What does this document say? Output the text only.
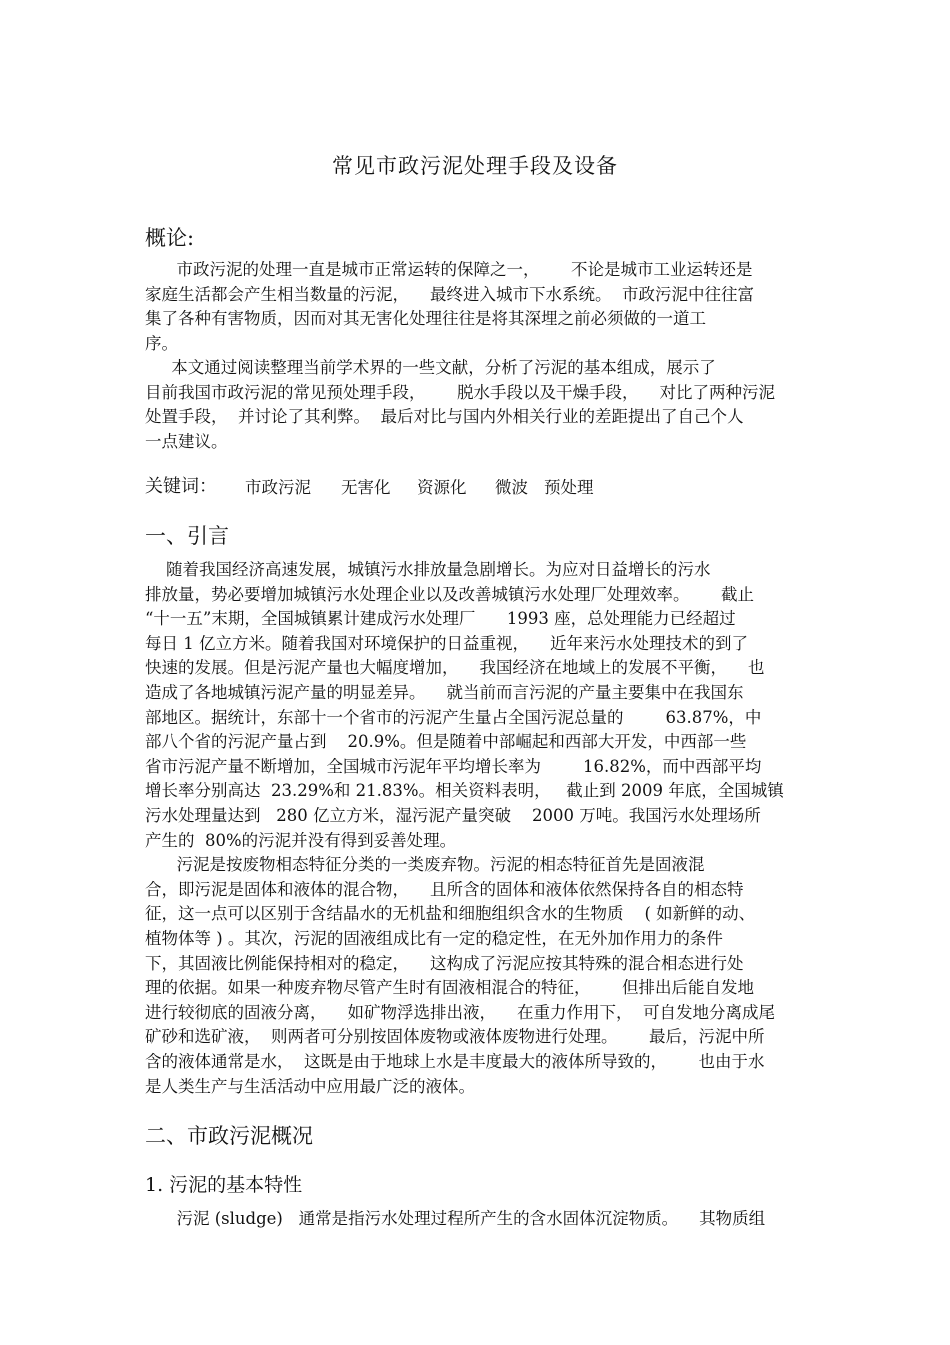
常见市政污泥处理手段及设备
概论:
市政污泥的处理一直是城市正常运转的保障之一，      不论是城市工业运转还是
家庭生活都会产生相当数量的污泥，    最终进入城市下水系统。  市政污泥中往往富
集了各种有害物质，因而对其无害化处理往往是将其深埋之前必须做的一道工
序。
本文通过阅读整理当前学术界的一些文献，分析了污泥的基本组成，展示了
目前我国市政污泥的常见预处理手段，      脱水手段以及干燥手段，    对比了两种污泥
处置手段，  并讨论了其利弊。  最后对比与国内外相关行业的差距提出了自己个人
一点建议。
关键词： 市政污泥 无害化 资源化 微波 预处理
一、引言
随着我国经济高速发展，城镇污水排放量急剧增长。为应对日益增长的污水
排放量，势必要增加城镇污水处理企业以及改善城镇污水处理厂处理效率。      截止
“十一五”末期，全国城镇累计建成污水处理厂      1993 座，总处理能力已经超过
每日 1 亿立方米。随着我国对环境保护的日益重视，    近年来污水处理技术的到了
快速的发展。但是污泥产量也大幅度增加，    我国经济在地域上的发展不平衡，    也
造成了各地城镇污泥产量的明显差异。    就当前而言污泥的产量主要集中在我国东
部地区。据统计，东部十一个省市的污泥产生量占全国污泥总量的        63.87%，中
部八个省的污泥产量占到    20.9%。但是随着中部崛起和西部大开发，中西部一些
省市污泥产量不断增加，全国城市污泥年平均增长率为        16.82%，而中西部平均
增长率分别高达  23.29%和 21.83%。相关资料表明，   截止到 2009 年底，全国城镇
污水处理量达到   280 亿立方米，湿污泥产量突破    2000 万吨。我国污水处理场所
产生的  80%的污泥并没有得到妥善处理。
污泥是按废物相态特征分类的一类废弃物。污泥的相态特征首先是固液混
合，即污泥是固体和液体的混合物，    且所含的固体和液体依然保持各自的相态特
征，这一点可以区别于含结晶水的无机盐和细胞组织含水的生物质    ( 如新鲜的动、
植物体等 ) 。其次，污泥的固液组成比有一定的稳定性，在无外加作用力的条件
下，其固液比例能保持相对的稳定，    这构成了污泥应按其特殊的混合相态进行处
理的依据。如果一种废弃物尽管产生时有固液相混合的特征，      但排出后能自发地
进行较彻底的固液分离，    如矿物浮选排出液，    在重力作用下，  可自发地分离成尾
矿砂和选矿液，  则两者可分别按固体废物或液体废物进行处理。      最后，污泥中所
含的液体通常是水，  这既是由于地球上水是丰度最大的液体所导致的，      也由于水
是人类生产与生活活动中应用最广泛的液体。
二、市政污泥概况
1. 污泥的基本特性
污泥 (sludge)   通常是指污水处理过程所产生的含水固体沉淀物质。    其物质组
